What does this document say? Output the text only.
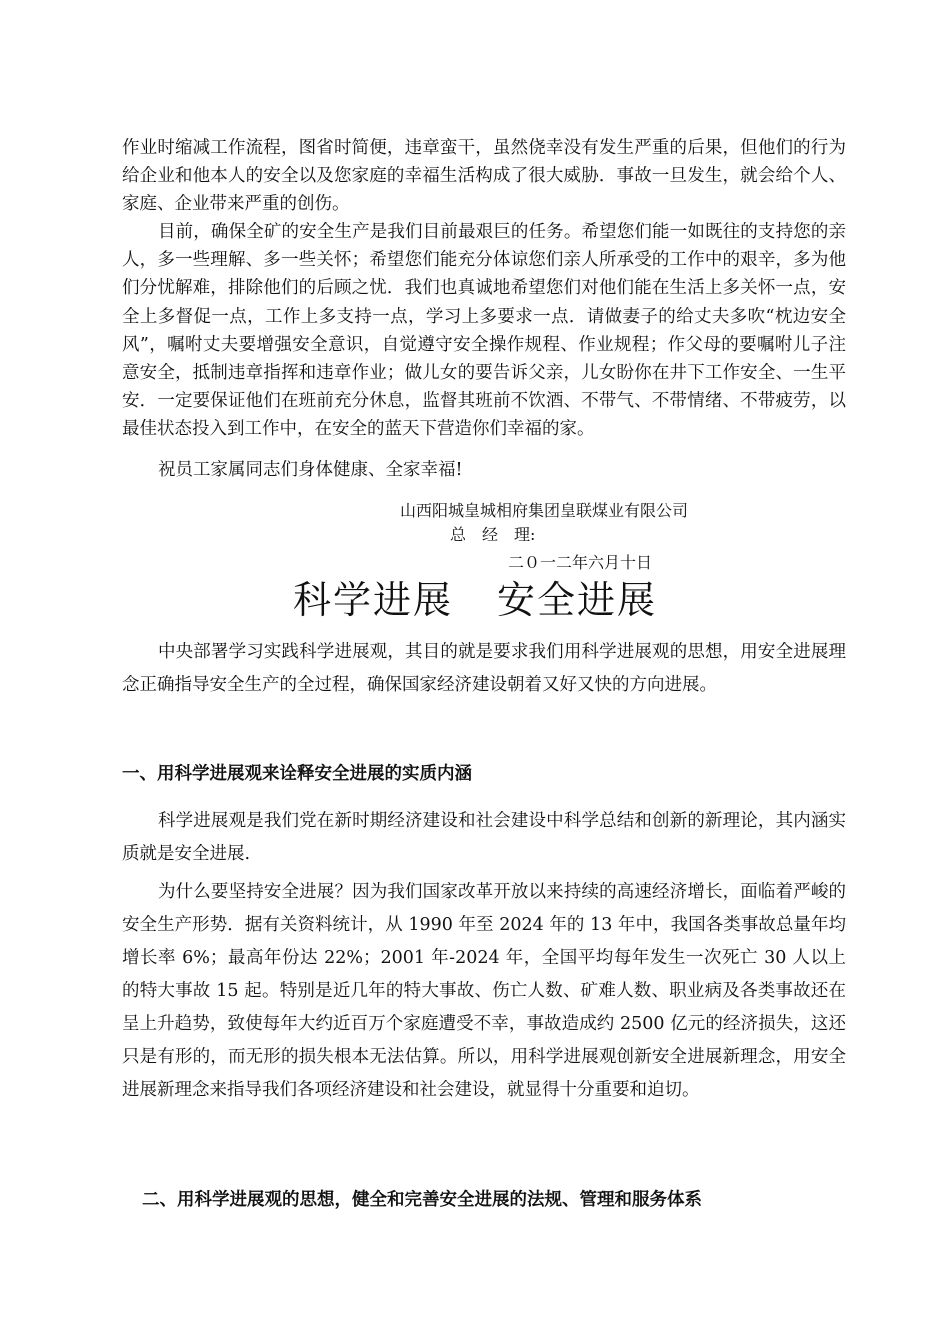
作业时缩减工作流程，图省时简便，违章蛮干，虽然侥幸没有发生严重的后果，但他们的行为给企业和他本人的安全以及您家庭的幸福生活构成了很大威胁．事故一旦发生，就会给个人、家庭、企业带来严重的创伤。

目前，确保全矿的安全生产是我们目前最艰巨的任务。希望您们能一如既往的支持您的亲人，多一些理解、多一些关怀；希望您们能充分体谅您们亲人所承受的工作中的艰辛，多为他们分忧解难，排除他们的后顾之忧．我们也真诚地希望您们对他们能在生活上多关怀一点，安全上多督促一点，工作上多支持一点，学习上多要求一点．请做妻子的给丈夫多吹“枕边安全风”，嘱咐丈夫要增强安全意识，自觉遵守安全操作规程、作业规程；作父母的要嘱咐儿子注意安全，抵制违章指挥和违章作业；做儿女的要告诉父亲，儿女盼你在井下工作安全、一生平安．一定要保证他们在班前充分休息，监督其班前不饮酒、不带气、不带情绪、不带疲劳，以最佳状态投入到工作中，在安全的蓝天下营造你们幸福的家。

祝员工家属同志们身体健康、全家幸福!

山西阳城皇城相府集团皇联煤业有限公司
总　经　理:
二０一二年六月十日
科学进展 安全进展

中央部署学习实践科学进展观，其目的就是要求我们用科学进展观的思想，用安全进展理念正确指导安全生产的全过程，确保国家经济建设朝着又好又快的方向进展。

一、用科学进展观来诠释安全进展的实质内涵

科学进展观是我们党在新时期经济建设和社会建设中科学总结和创新的新理论，其内涵实质就是安全进展.

为什么要坚持安全进展？因为我们国家改革开放以来持续的高速经济增长，面临着严峻的安全生产形势．据有关资料统计，从 1990 年至 2024 年的 13 年中，我国各类事故总量年均增长率 6%；最高年份达 22%；2001 年-2024 年，全国平均每年发生一次死亡 30 人以上的特大事故 15 起。特别是近几年的特大事故、伤亡人数、矿难人数、职业病及各类事故还在呈上升趋势，致使每年大约近百万个家庭遭受不幸，事故造成约 2500 亿元的经济损失，这还只是有形的，而无形的损失根本无法估算。所以，用科学进展观创新安全进展新理念，用安全进展新理念来指导我们各项经济建设和社会建设，就显得十分重要和迫切。

二、用科学进展观的思想，健全和完善安全进展的法规、管理和服务体系
